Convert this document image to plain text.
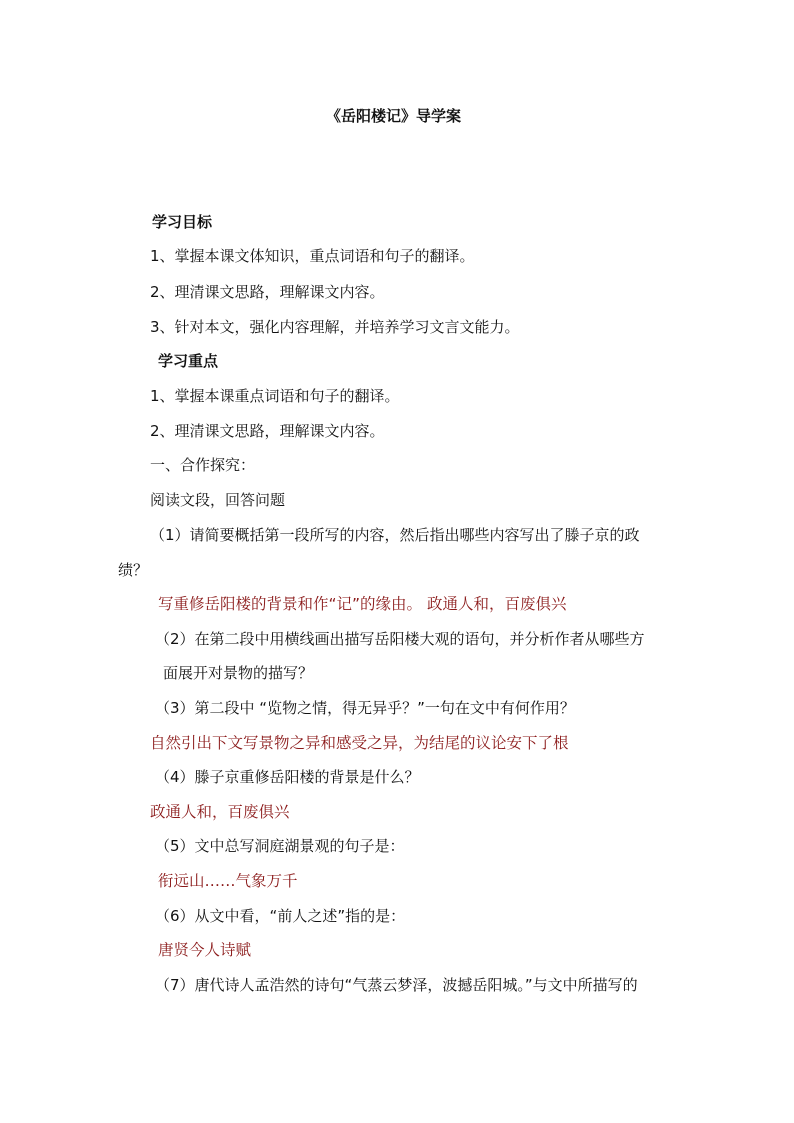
《岳阳楼记》导学案
学习目标
1、掌握本课文体知识，重点词语和句子的翻译。
2、理清课文思路，理解课文内容。
3、针对本文，强化内容理解，并培养学习文言文能力。
学习重点
1、掌握本课重点词语和句子的翻译。
2、理清课文思路，理解课文内容。
一、合作探究：
阅读文段，回答问题
（1）请简要概括第一段所写的内容，然后指出哪些内容写出了滕子京的政
绩？
写重修岳阳楼的背景和作“记”的缘由。 政通人和，百废俱兴
（2）在第二段中用横线画出描写岳阳楼大观的语句，并分析作者从哪些方
面展开对景物的描写？
（3）第二段中 “览物之情，得无异乎？”一句在文中有何作用？
自然引出下文写景物之异和感受之异，为结尾的议论安下了根
（4）滕子京重修岳阳楼的背景是什么？
政通人和，百废俱兴
（5）文中总写洞庭湖景观的句子是：
衔远山……气象万千
（6）从文中看，“前人之述”指的是：
唐贤今人诗赋
（7）唐代诗人孟浩然的诗句“气蒸云梦泽，波撼岳阳城。”与文中所描写的
